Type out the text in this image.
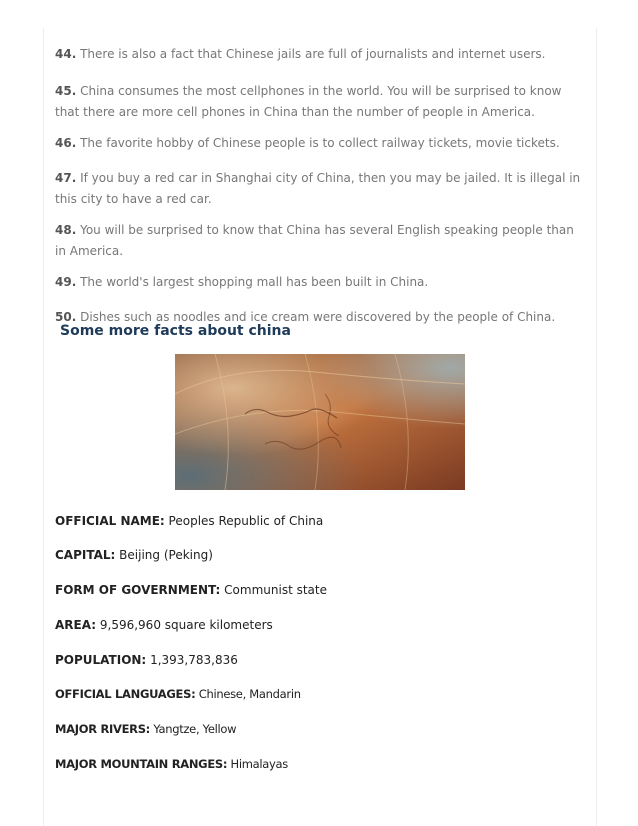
44. There is also a fact that Chinese jails are full of journalists and internet users.

45. China consumes the most cellphones in the world. You will be surprised to know that there are more cell phones in China than the number of people in America.

46. The favorite hobby of Chinese people is to collect railway tickets, movie tickets.

47. If you buy a red car in Shanghai city of China, then you may be jailed. It is illegal in this city to have a red car.

48. You will be surprised to know that China has several English speaking people than in America.

49. The world's largest shopping mall has been built in China.

50. Dishes such as noodles and ice cream were discovered by the people of China.

Some more facts about china

OFFICIAL NAME: Peoples Republic of China

CAPITAL: Beijing (Peking)

FORM OF GOVERNMENT: Communist state

AREA: 9,596,960 square kilometers

POPULATION: 1,393,783,836

OFFICIAL LANGUAGES: Chinese, Mandarin

MAJOR RIVERS: Yangtze, Yellow

MAJOR MOUNTAIN RANGES: Himalayas
